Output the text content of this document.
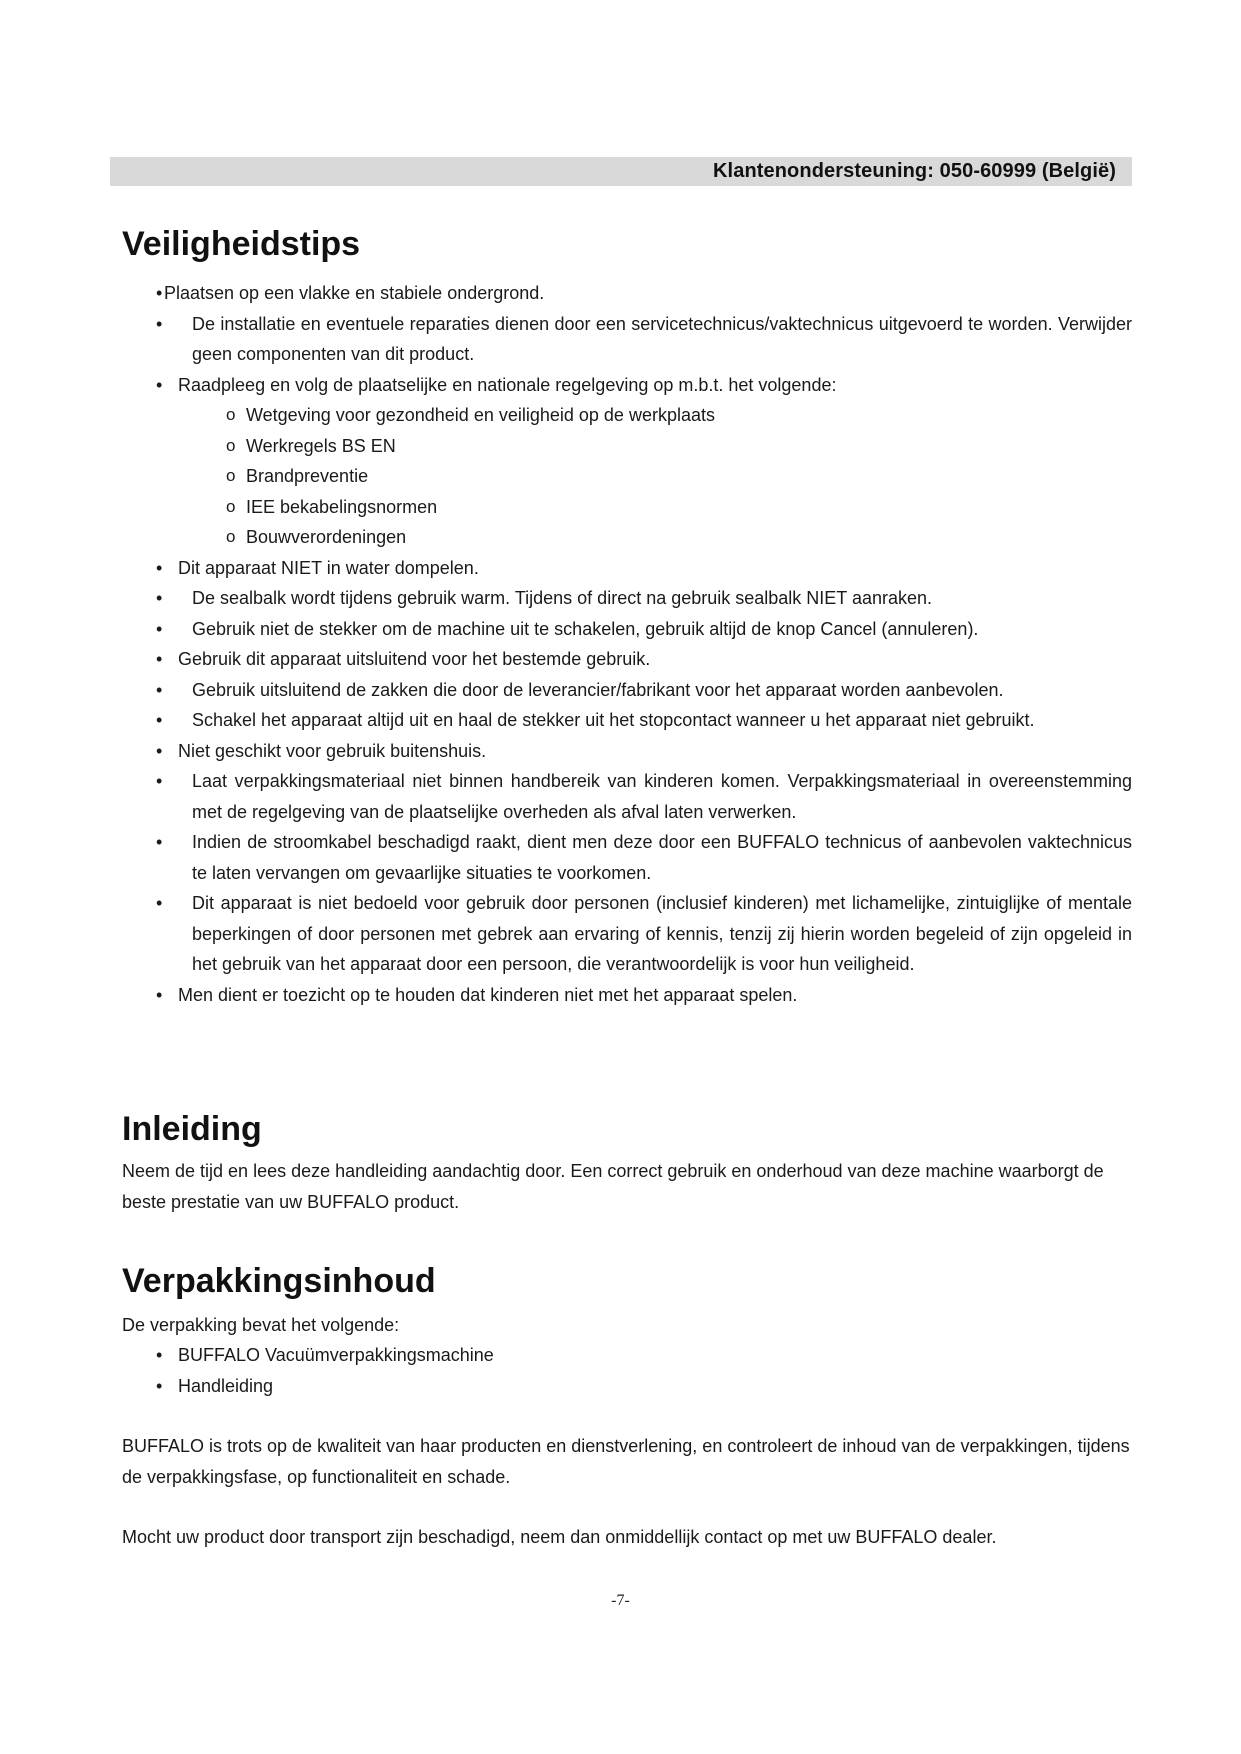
Klantenondersteuning: 050-60999 (België)
Veiligheidstips
• Plaatsen op een vlakke en stabiele ondergrond.
• De installatie en eventuele reparaties dienen door een servicetechnicus/vaktechnicus uitgevoerd te worden. Verwijder geen componenten van dit product.
• Raadpleeg en volg de plaatselijke en nationale regelgeving op m.b.t. het volgende:
o Wetgeving voor gezondheid en veiligheid op de werkplaats
o Werkregels BS EN
o Brandpreventie
o IEE bekabelingsnormen
o Bouwverordeningen
• Dit apparaat NIET in water dompelen.
• De sealbalk wordt tijdens gebruik warm. Tijdens of direct na gebruik sealbalk NIET aanraken.
• Gebruik niet de stekker om de machine uit te schakelen, gebruik altijd de knop Cancel (annuleren).
• Gebruik dit apparaat uitsluitend voor het bestemde gebruik.
• Gebruik uitsluitend de zakken die door de leverancier/fabrikant voor het apparaat worden aanbevolen.
• Schakel het apparaat altijd uit en haal de stekker uit het stopcontact wanneer u het apparaat niet gebruikt.
• Niet geschikt voor gebruik buitenshuis.
• Laat verpakkingsmateriaal niet binnen handbereik van kinderen komen. Verpakkingsmateriaal in overeenstemming met de regelgeving van de plaatselijke overheden als afval laten verwerken.
• Indien de stroomkabel beschadigd raakt, dient men deze door een BUFFALO technicus of aanbevolen vaktechnicus te laten vervangen om gevaarlijke situaties te voorkomen.
• Dit apparaat is niet bedoeld voor gebruik door personen (inclusief kinderen) met lichamelijke, zintuiglijke of mentale beperkingen of door personen met gebrek aan ervaring of kennis, tenzij zij hierin worden begeleid of zijn opgeleid in het gebruik van het apparaat door een persoon, die verantwoordelijk is voor hun veiligheid.
• Men dient er toezicht op te houden dat kinderen niet met het apparaat spelen.
Inleiding
Neem de tijd en lees deze handleiding aandachtig door. Een correct gebruik en onderhoud van deze machine waarborgt de beste prestatie van uw BUFFALO product.
Verpakkingsinhoud
De verpakking bevat het volgende:
• BUFFALO Vacuümverpakkingsmachine
• Handleiding
BUFFALO is trots op de kwaliteit van haar producten en dienstverlening, en controleert de inhoud van de verpakkingen, tijdens de verpakkingsfase, op functionaliteit en schade.
Mocht uw product door transport zijn beschadigd, neem dan onmiddellijk contact op met uw BUFFALO dealer.
-7-
